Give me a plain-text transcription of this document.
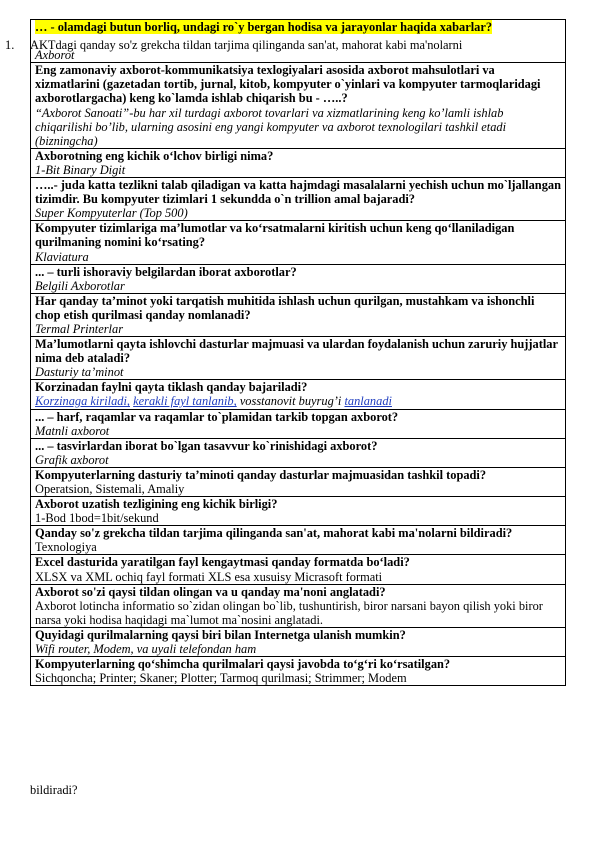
1. AKTdagi qanday so'z grekcha tildan tarjima qilinganda san'at, mahorat kabi ma'nolarni
… - olamdagi butun borliq, undagi ro`y bergan hodisa va jarayonlar haqida xabarlar?
Axborot
Eng zamonaviy axborot-kommunikatsiya texlogiyalari asosida axborot mahsulotlari va xizmatlarini (gazetadan tortib, jurnal, kitob, kompyuter o`yinlari va kompyuter tarmoqlaridagi axborotlargacha) keng ko`lamda ishlab chiqarish bu - …..?
“Axborot Sanoati”-bu har xil turdagi axborot tovarlari va xizmatlarining keng ko’lamli ishlab chiqarilishi bo’lib, ularning asosini eng yangi kompyuter va axborot texnologilari tashkil etadi (bizningcha)
Axborotning eng kichik o‘lchov birligi nima?
1-Bit Binary Digit
…..- juda katta tezlikni talab qiladigan va katta hajmdagi masalalarni yechish uchun mo`ljallangan tizimdir. Bu kompyuter tizimlari 1 sekundda o`n trillion amal bajaradi?
Super Kompyuterlar (Top 500)
Kompyuter tizimlariga ma’lumotlar va ko‘rsatmalarni kiritish uchun keng qo‘llaniladigan qurilmaning nomini ko‘rsating?
Klaviatura
... – turli ishoraviy belgilardan iborat axborotlar?
Belgili Axborotlar
Har qanday ta’minot yoki tarqatish muhitida ishlash uchun qurilgan, mustahkam va ishonchli chop etish qurilmasi qanday nomlanadi?
Termal Printerlar
Ma’lumotlarni qayta ishlovchi dasturlar majmuasi va ulardan foydalanish uchun zaruriy hujjatlar nima deb ataladi?
Dasturiy ta’minot
Korzinadan faylni qayta tiklash qanday bajariladi?
Korzinaga kiriladi, kerakli fayl tanlanib, vosstanovit buyrug’i tanlanadi
... – harf, raqamlar va raqamlar to`plamidan tarkib topgan axborot?
Matnli axborot
... – tasvirlardan iborat bo`lgan tasavvur ko`rinishidagi axborot?
Grafik axborot
Kompyuterlarning dasturiy ta’minoti qanday dasturlar majmuasidan tashkil topadi?
Operatsion, Sistemali, Amaliy
Axborot uzatish tezligining eng kichik birligi?
1-Bod 1bod=1bit/sekund
Qanday so'z grekcha tildan tarjima qilinganda san'at, mahorat kabi ma'nolarni bildiradi?
Texnologiya
Excel dasturida yaratilgan fayl kengaytmasi qanday formatda bo‘ladi?
XLSX va XML ochiq fayl formati XLS esa xusuisy Micrasoft formati
Axborot so'zi qaysi tildan olingan va u qanday ma'noni anglatadi?
Axborot lotincha informatio so`zidan olingan bo`lib, tushuntirish, biror narsani bayon qilish yoki biror narsa yoki hodisa haqidagi ma`lumot ma`nosini anglatadi.
Quyidagi qurilmalarning qaysi biri bilan Internetga ulanish mumkin?
Wifi router, Modem, va uyali telefondan ham
Kompyuterlarning qo‘shimcha qurilmalari qaysi javobda to‘g‘ri ko‘rsatilgan?
Sichqoncha; Printer; Skaner; Plotter; Tarmoq qurilmasi; Strimmer; Modem
bildiradi?
